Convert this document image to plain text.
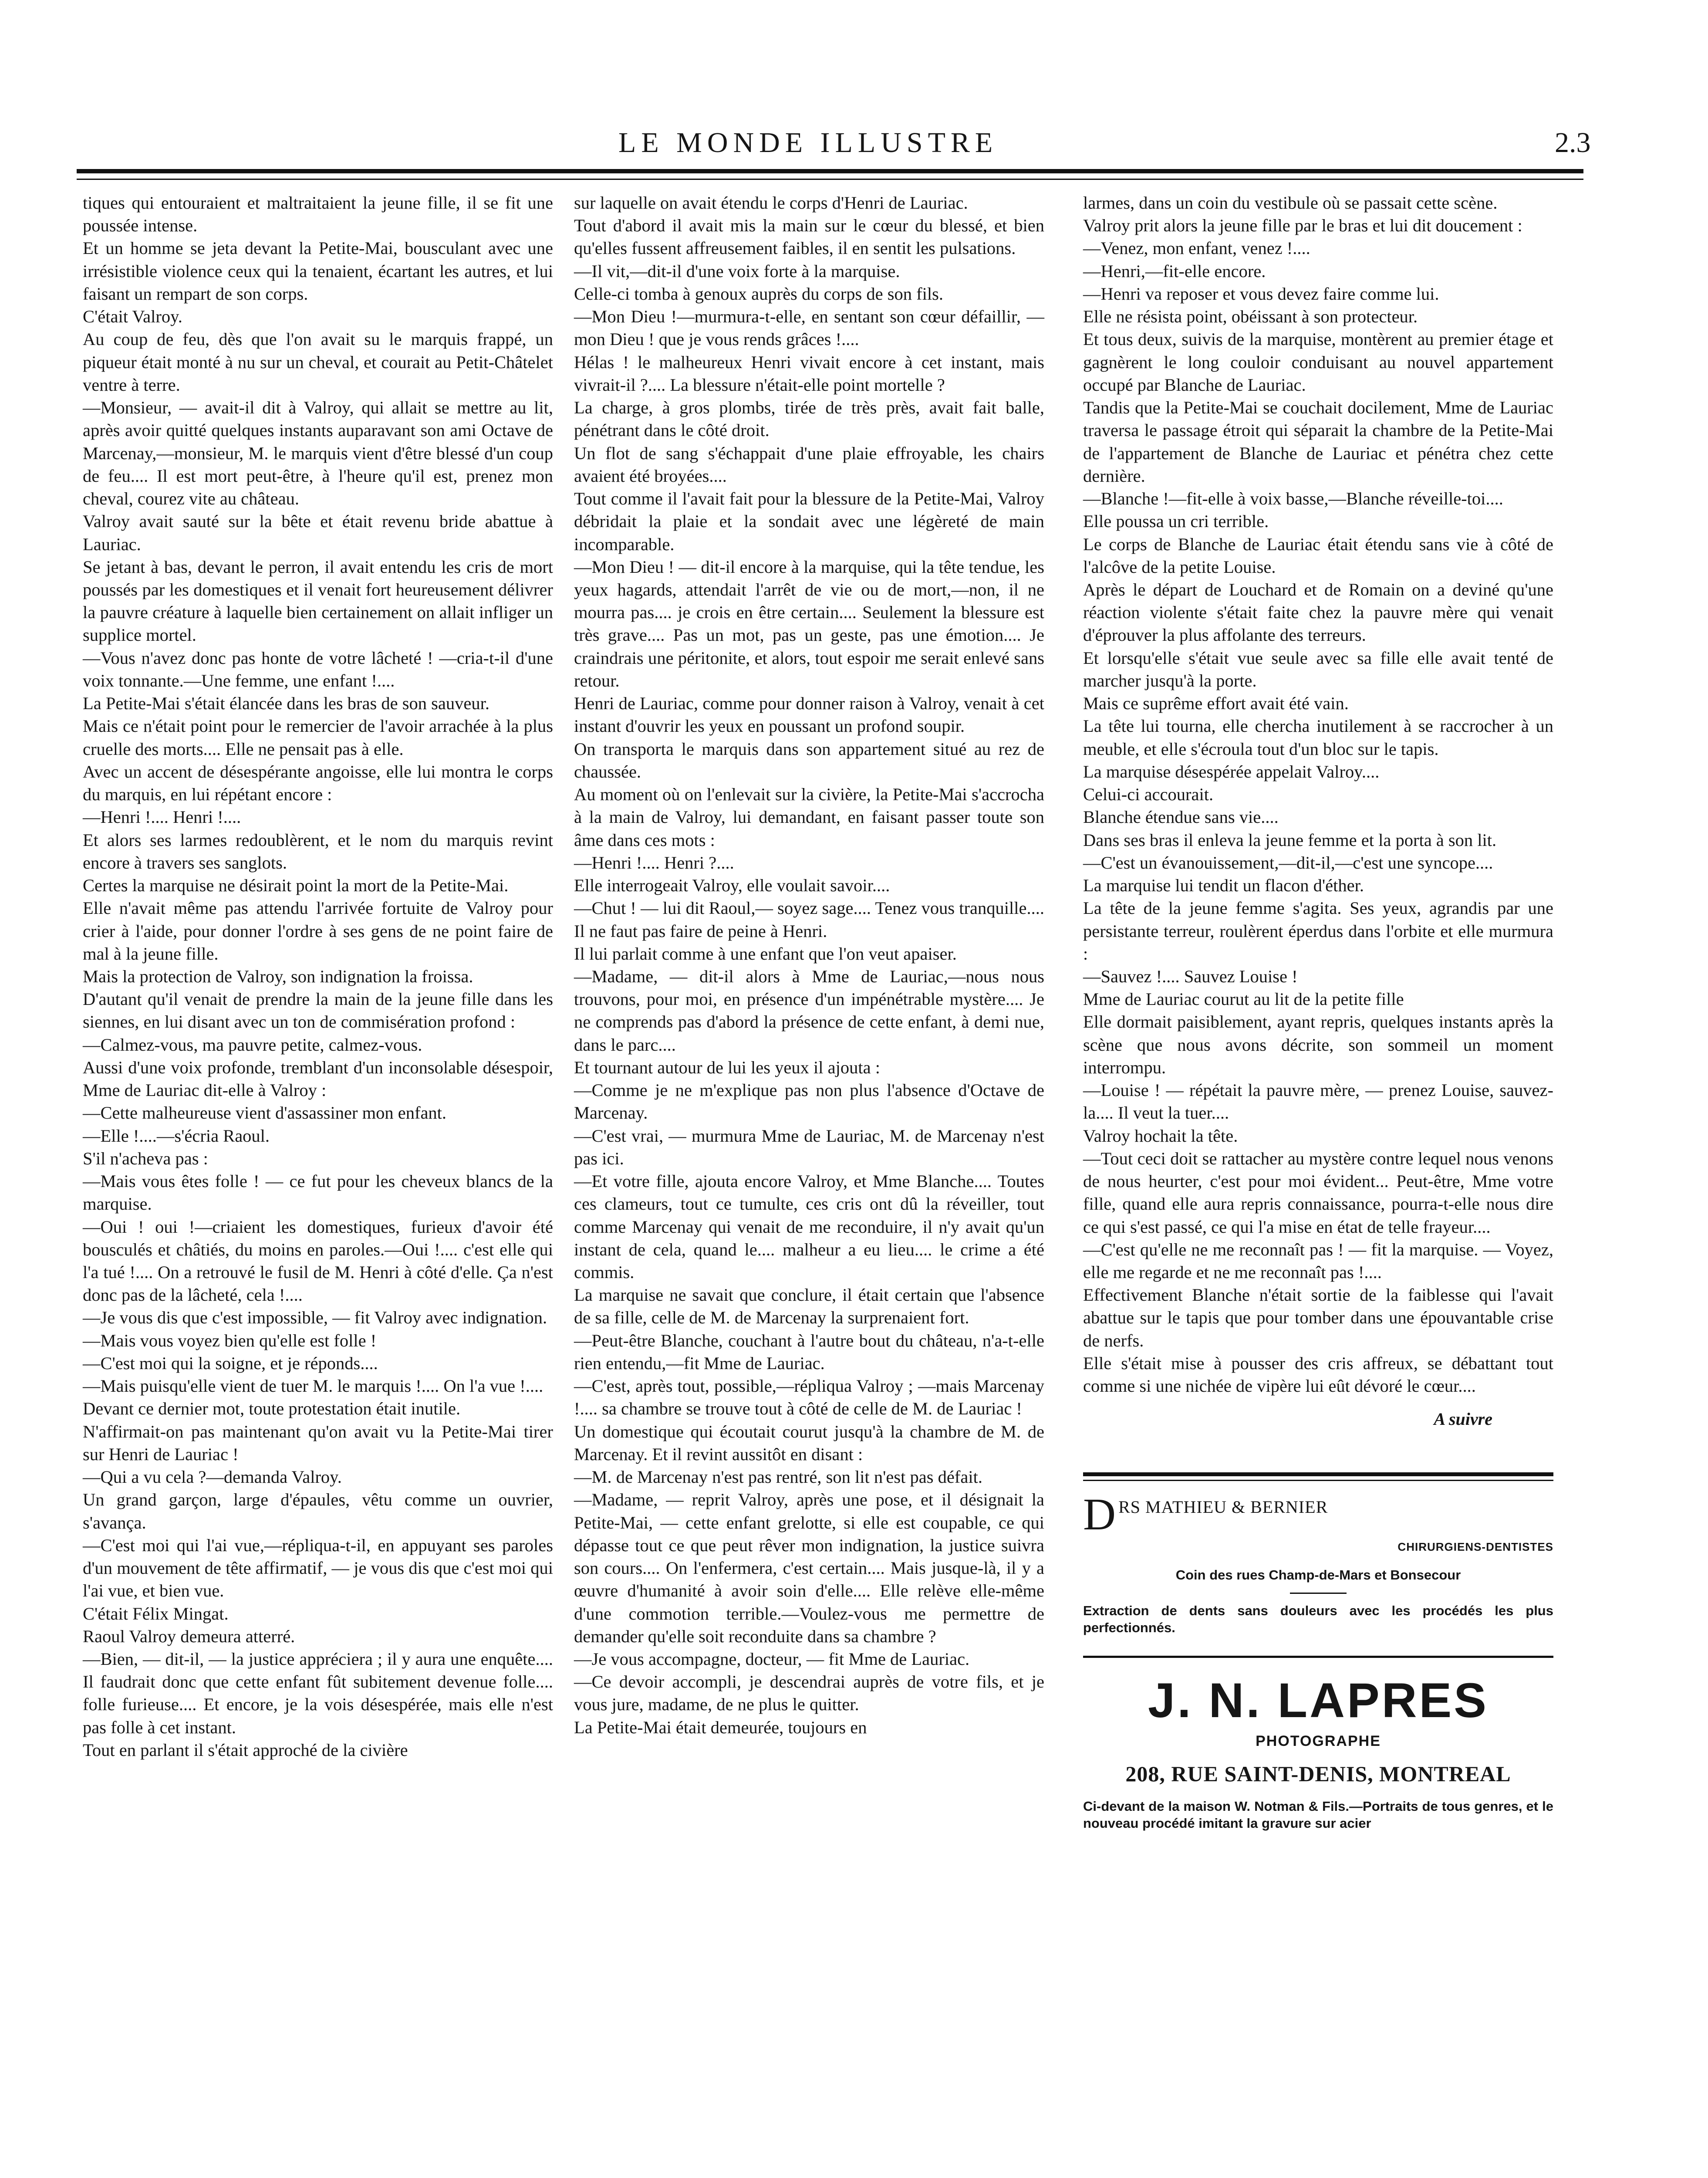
LE MONDE ILLUSTRE	2.3

tiques qui entouraient et maltraitaient la jeune fille, il se fit une poussée intense.

Et un homme se jeta devant la Petite-Mai, bousculant avec une irrésistible violence ceux qui la tenaient, écartant les autres, et lui faisant un rempart de son corps.

C'était Valroy.

Au coup de feu, dès que l'on avait su le marquis frappé, un piqueur était monté à nu sur un cheval, et courait au Petit-Châtelet ventre à terre.

—Monsieur, — avait-il dit à Valroy, qui allait se mettre au lit, après avoir quitté quelques instants auparavant son ami Octave de Marcenay,—monsieur, M. le marquis vient d'être blessé d'un coup de feu.... Il est mort peut-être, à l'heure qu'il est, prenez mon cheval, courez vite au château.

Valroy avait sauté sur la bête et était revenu bride abattue à Lauriac.

Se jetant à bas, devant le perron, il avait entendu les cris de mort poussés par les domestiques et il venait fort heureusement délivrer la pauvre créature à laquelle bien certainement on allait infliger un supplice mortel.

—Vous n'avez donc pas honte de votre lâcheté ! —cria-t-il d'une voix tonnante.—Une femme, une enfant !....

La Petite-Mai s'était élancée dans les bras de son sauveur.

Mais ce n'était point pour le remercier de l'avoir arrachée à la plus cruelle des morts.... Elle ne pensait pas à elle.

Avec un accent de désespérante angoisse, elle lui montra le corps du marquis, en lui répétant encore :

—Henri !.... Henri !....

Et alors ses larmes redoublèrent, et le nom du marquis revint encore à travers ses sanglots.

Certes la marquise ne désirait point la mort de la Petite-Mai.

Elle n'avait même pas attendu l'arrivée fortuite de Valroy pour crier à l'aide, pour donner l'ordre à ses gens de ne point faire de mal à la jeune fille.

Mais la protection de Valroy, son indignation la froissa.

D'autant qu'il venait de prendre la main de la jeune fille dans les siennes, en lui disant avec un ton de commisération profond :

—Calmez-vous, ma pauvre petite, calmez-vous.

Aussi d'une voix profonde, tremblant d'un inconsolable désespoir, Mme de Lauriac dit-elle à Valroy :

—Cette malheureuse vient d'assassiner mon enfant.

—Elle !....—s'écria Raoul.

S'il n'acheva pas :

—Mais vous êtes folle ! — ce fut pour les cheveux blancs de la marquise.

—Oui ! oui !—criaient les domestiques, furieux d'avoir été bousculés et châtiés, du moins en paroles.—Oui !.... c'est elle qui l'a tué !.... On a retrouvé le fusil de M. Henri à côté d'elle. Ça n'est donc pas de la lâcheté, cela !....

—Je vous dis que c'est impossible, — fit Valroy avec indignation.

—Mais vous voyez bien qu'elle est folle !

—C'est moi qui la soigne, et je réponds....

—Mais puisqu'elle vient de tuer M. le marquis !.... On l'a vue !....

Devant ce dernier mot, toute protestation était inutile.

N'affirmait-on pas maintenant qu'on avait vu la Petite-Mai tirer sur Henri de Lauriac !

—Qui a vu cela ?—demanda Valroy.

Un grand garçon, large d'épaules, vêtu comme un ouvrier, s'avança.

—C'est moi qui l'ai vue,—répliqua-t-il, en appuyant ses paroles d'un mouvement de tête affirmatif, — je vous dis que c'est moi qui l'ai vue, et bien vue.

C'était Félix Mingat.

Raoul Valroy demeura atterré.

—Bien, — dit-il, — la justice appréciera ; il y aura une enquête.... Il faudrait donc que cette enfant fût subitement devenue folle.... folle furieuse.... Et encore, je la vois désespérée, mais elle n'est pas folle à cet instant.

Tout en parlant il s'était approché de la civière

sur laquelle on avait étendu le corps d'Henri de Lauriac.

Tout d'abord il avait mis la main sur le cœur du blessé, et bien qu'elles fussent affreusement faibles, il en sentit les pulsations.

—Il vit,—dit-il d'une voix forte à la marquise.

Celle-ci tomba à genoux auprès du corps de son fils.

—Mon Dieu !—murmura-t-elle, en sentant son cœur défaillir, — mon Dieu ! que je vous rends grâces !....

Hélas ! le malheureux Henri vivait encore à cet instant, mais vivrait-il ?.... La blessure n'était-elle point mortelle ?

La charge, à gros plombs, tirée de très près, avait fait balle, pénétrant dans le côté droit.

Un flot de sang s'échappait d'une plaie effroyable, les chairs avaient été broyées....

Tout comme il l'avait fait pour la blessure de la Petite-Mai, Valroy débridait la plaie et la sondait avec une légèreté de main incomparable.

—Mon Dieu ! — dit-il encore à la marquise, qui la tête tendue, les yeux hagards, attendait l'arrêt de vie ou de mort,—non, il ne mourra pas.... je crois en être certain.... Seulement la blessure est très grave.... Pas un mot, pas un geste, pas une émotion.... Je craindrais une péritonite, et alors, tout espoir me serait enlevé sans retour.

Henri de Lauriac, comme pour donner raison à Valroy, venait à cet instant d'ouvrir les yeux en poussant un profond soupir.

On transporta le marquis dans son appartement situé au rez de chaussée.

Au moment où on l'enlevait sur la civière, la Petite-Mai s'accrocha à la main de Valroy, lui demandant, en faisant passer toute son âme dans ces mots :

—Henri !.... Henri ?....

Elle interrogeait Valroy, elle voulait savoir....

—Chut ! — lui dit Raoul,— soyez sage.... Tenez vous tranquille.... Il ne faut pas faire de peine à Henri.

Il lui parlait comme à une enfant que l'on veut apaiser.

—Madame, — dit-il alors à Mme de Lauriac,—nous nous trouvons, pour moi, en présence d'un impénétrable mystère.... Je ne comprends pas d'abord la présence de cette enfant, à demi nue, dans le parc....

Et tournant autour de lui les yeux il ajouta :

—Comme je ne m'explique pas non plus l'absence d'Octave de Marcenay.

—C'est vrai, — murmura Mme de Lauriac, M. de Marcenay n'est pas ici.

—Et votre fille, ajouta encore Valroy, et Mme Blanche.... Toutes ces clameurs, tout ce tumulte, ces cris ont dû la réveiller, tout comme Marcenay qui venait de me reconduire, il n'y avait qu'un instant de cela, quand le.... malheur a eu lieu.... le crime a été commis.

La marquise ne savait que conclure, il était certain que l'absence de sa fille, celle de M. de Marcenay la surprenaient fort.

—Peut-être Blanche, couchant à l'autre bout du château, n'a-t-elle rien entendu,—fit Mme de Lauriac.

—C'est, après tout, possible,—répliqua Valroy ; —mais Marcenay !.... sa chambre se trouve tout à côté de celle de M. de Lauriac !

Un domestique qui écoutait courut jusqu'à la chambre de M. de Marcenay. Et il revint aussitôt en disant :

—M. de Marcenay n'est pas rentré, son lit n'est pas défait.

—Madame, — reprit Valroy, après une pose, et il désignait la Petite-Mai, — cette enfant grelotte, si elle est coupable, ce qui dépasse tout ce que peut rêver mon indignation, la justice suivra son cours.... On l'enfermera, c'est certain.... Mais jusque-là, il y a œuvre d'humanité à avoir soin d'elle.... Elle relève elle-même d'une commotion terrible.—Voulez-vous me permettre de demander qu'elle soit reconduite dans sa chambre ?

—Je vous accompagne, docteur, — fit Mme de Lauriac.

—Ce devoir accompli, je descendrai auprès de votre fils, et je vous jure, madame, de ne plus le quitter.

La Petite-Mai était demeurée, toujours en

larmes, dans un coin du vestibule où se passait cette scène.

Valroy prit alors la jeune fille par le bras et lui dit doucement :

—Venez, mon enfant, venez !....

—Henri,—fit-elle encore.

—Henri va reposer et vous devez faire comme lui.

Elle ne résista point, obéissant à son protecteur.

Et tous deux, suivis de la marquise, montèrent au premier étage et gagnèrent le long couloir conduisant au nouvel appartement occupé par Blanche de Lauriac.

Tandis que la Petite-Mai se couchait docilement, Mme de Lauriac traversa le passage étroit qui séparait la chambre de la Petite-Mai de l'appartement de Blanche de Lauriac et pénétra chez cette dernière.

—Blanche !—fit-elle à voix basse,—Blanche réveille-toi....

Elle poussa un cri terrible.

Le corps de Blanche de Lauriac était étendu sans vie à côté de l'alcôve de la petite Louise.

Après le départ de Louchard et de Romain on a deviné qu'une réaction violente s'était faite chez la pauvre mère qui venait d'éprouver la plus affolante des terreurs.

Et lorsqu'elle s'était vue seule avec sa fille elle avait tenté de marcher jusqu'à la porte.

Mais ce suprême effort avait été vain.

La tête lui tourna, elle chercha inutilement à se raccrocher à un meuble, et elle s'écroula tout d'un bloc sur le tapis.

La marquise désespérée appelait Valroy....

Celui-ci accourait.

Blanche étendue sans vie....

Dans ses bras il enleva la jeune femme et la porta à son lit.

—C'est un évanouissement,—dit-il,—c'est une syncope....

La marquise lui tendit un flacon d'éther.

La tête de la jeune femme s'agita. Ses yeux, agrandis par une persistante terreur, roulèrent éperdus dans l'orbite et elle murmura :

—Sauvez !.... Sauvez Louise !

Mme de Lauriac courut au lit de la petite fille

Elle dormait paisiblement, ayant repris, quelques instants après la scène que nous avons décrite, son sommeil un moment interrompu.

—Louise ! — répétait la pauvre mère, — prenez Louise, sauvez-la.... Il veut la tuer....

Valroy hochait la tête.

—Tout ceci doit se rattacher au mystère contre lequel nous venons de nous heurter, c'est pour moi évident... Peut-être, Mme votre fille, quand elle aura repris connaissance, pourra-t-elle nous dire ce qui s'est passé, ce qui l'a mise en état de telle frayeur....

—C'est qu'elle ne me reconnaît pas ! — fit la marquise. — Voyez, elle me regarde et ne me reconnaît pas !....

Effectivement Blanche n'était sortie de la faiblesse qui l'avait abattue sur le tapis que pour tomber dans une épouvantable crise de nerfs.

Elle s'était mise à pousser des cris affreux, se débattant tout comme si une nichée de vipère lui eût dévoré le cœur....

A suivre
D RS MATHIEU & BERNIER
CHIRURGIENS-DENTISTES
Coin des rues Champ-de-Mars et Bonsecour
Extraction de dents sans douleurs avec les procédés les plus perfectionnés.
J. N. LAPRES
PHOTOGRAPHE
208, RUE SAINT-DENIS, MONTREAL
Ci-devant de la maison W. Notman & Fils.—Portraits de tous genres, et le nouveau procédé imitant la gravure sur acier
